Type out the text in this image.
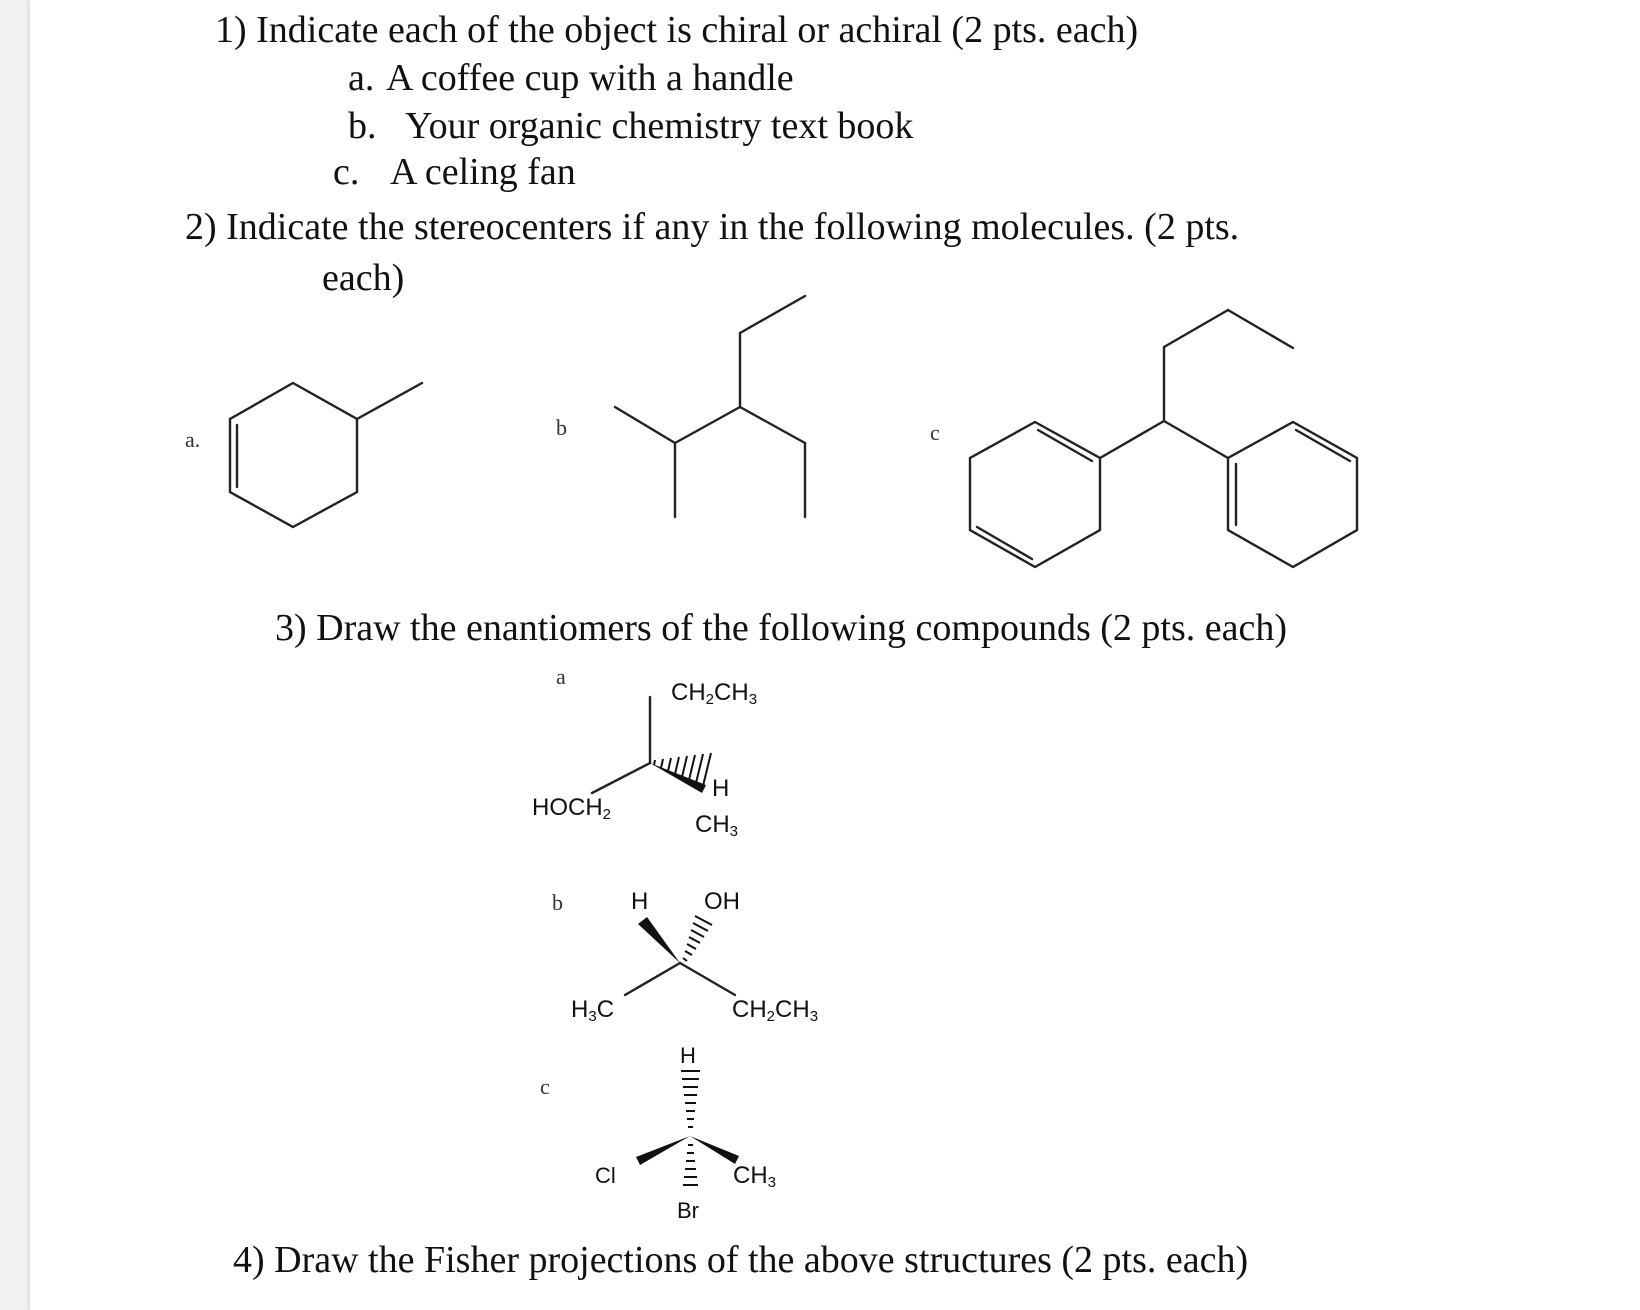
1) Indicate each of the object is chiral or achiral (2 pts. each)
a. A coffee cup with a handle
b. Your organic chemistry text book
c. A celing fan
2) Indicate the stereocenters if any in the following molecules. (2 pts.
each)
a.	b	c
3) Draw the enantiomers of the following compounds (2 pts. each)
a
b
c
$CH_2CH_3$
$HOCH_2$
H
$CH_3$
H OH
$H_3C$	$CH_2CH_3$
H
Cl	$CH_3$
Br
4) Draw the Fisher projections of the above structures (2 pts. each)
